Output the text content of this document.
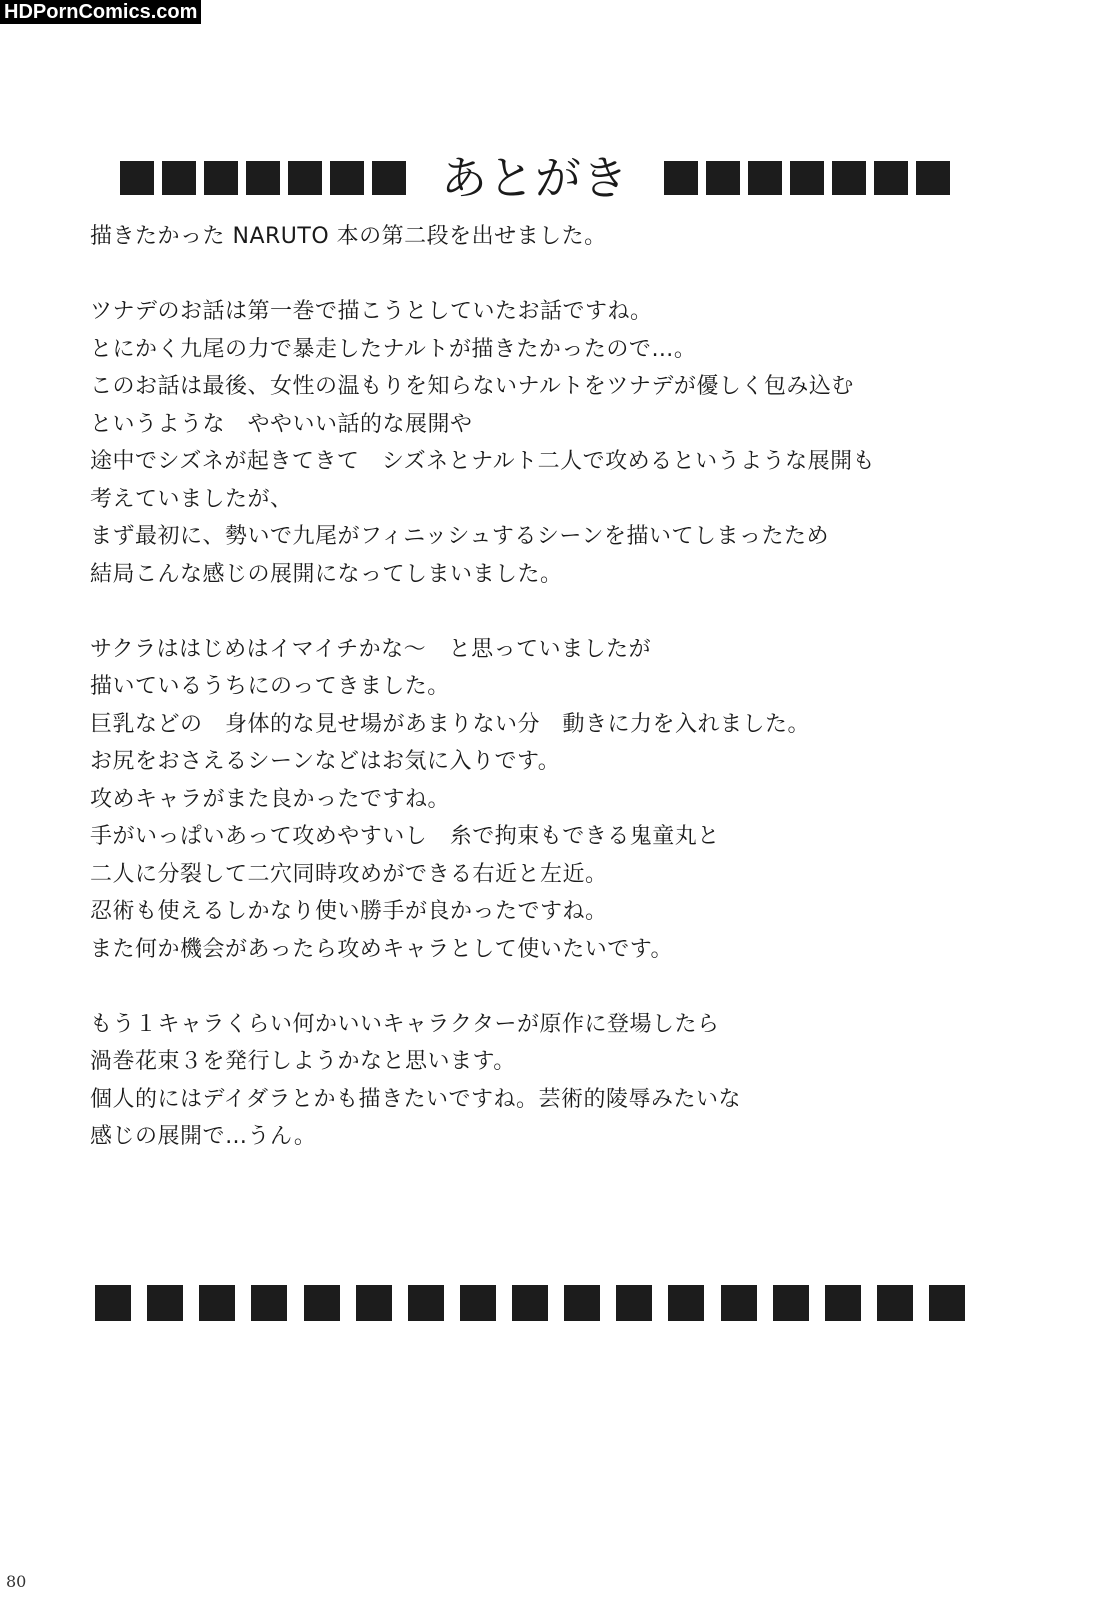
HDPornComics.com
あとがき
描きたかった NARUTO 本の第二段を出せました。
ツナデのお話は第一巻で描こうとしていたお話ですね。
とにかく九尾の力で暴走したナルトが描きたかったので…。
このお話は最後、女性の温もりを知らないナルトをツナデが優しく包み込む
というような　ややいい話的な展開や
途中でシズネが起きてきて　シズネとナルト二人で攻めるというような展開も
考えていましたが、
まず最初に、勢いで九尾がフィニッシュするシーンを描いてしまったため
結局こんな感じの展開になってしまいました。
サクラははじめはイマイチかな～　と思っていましたが
描いているうちにのってきました。
巨乳などの　身体的な見せ場があまりない分　動きに力を入れました。
お尻をおさえるシーンなどはお気に入りです。
攻めキャラがまた良かったですね。
手がいっぱいあって攻めやすいし　糸で拘束もできる鬼童丸と
二人に分裂して二穴同時攻めができる右近と左近。
忍術も使えるしかなり使い勝手が良かったですね。
また何か機会があったら攻めキャラとして使いたいです。
もう１キャラくらい何かいいキャラクターが原作に登場したら
渦巻花束３を発行しようかなと思います。
個人的にはデイダラとかも描きたいですね。芸術的陵辱みたいな
感じの展開で…うん。
80
